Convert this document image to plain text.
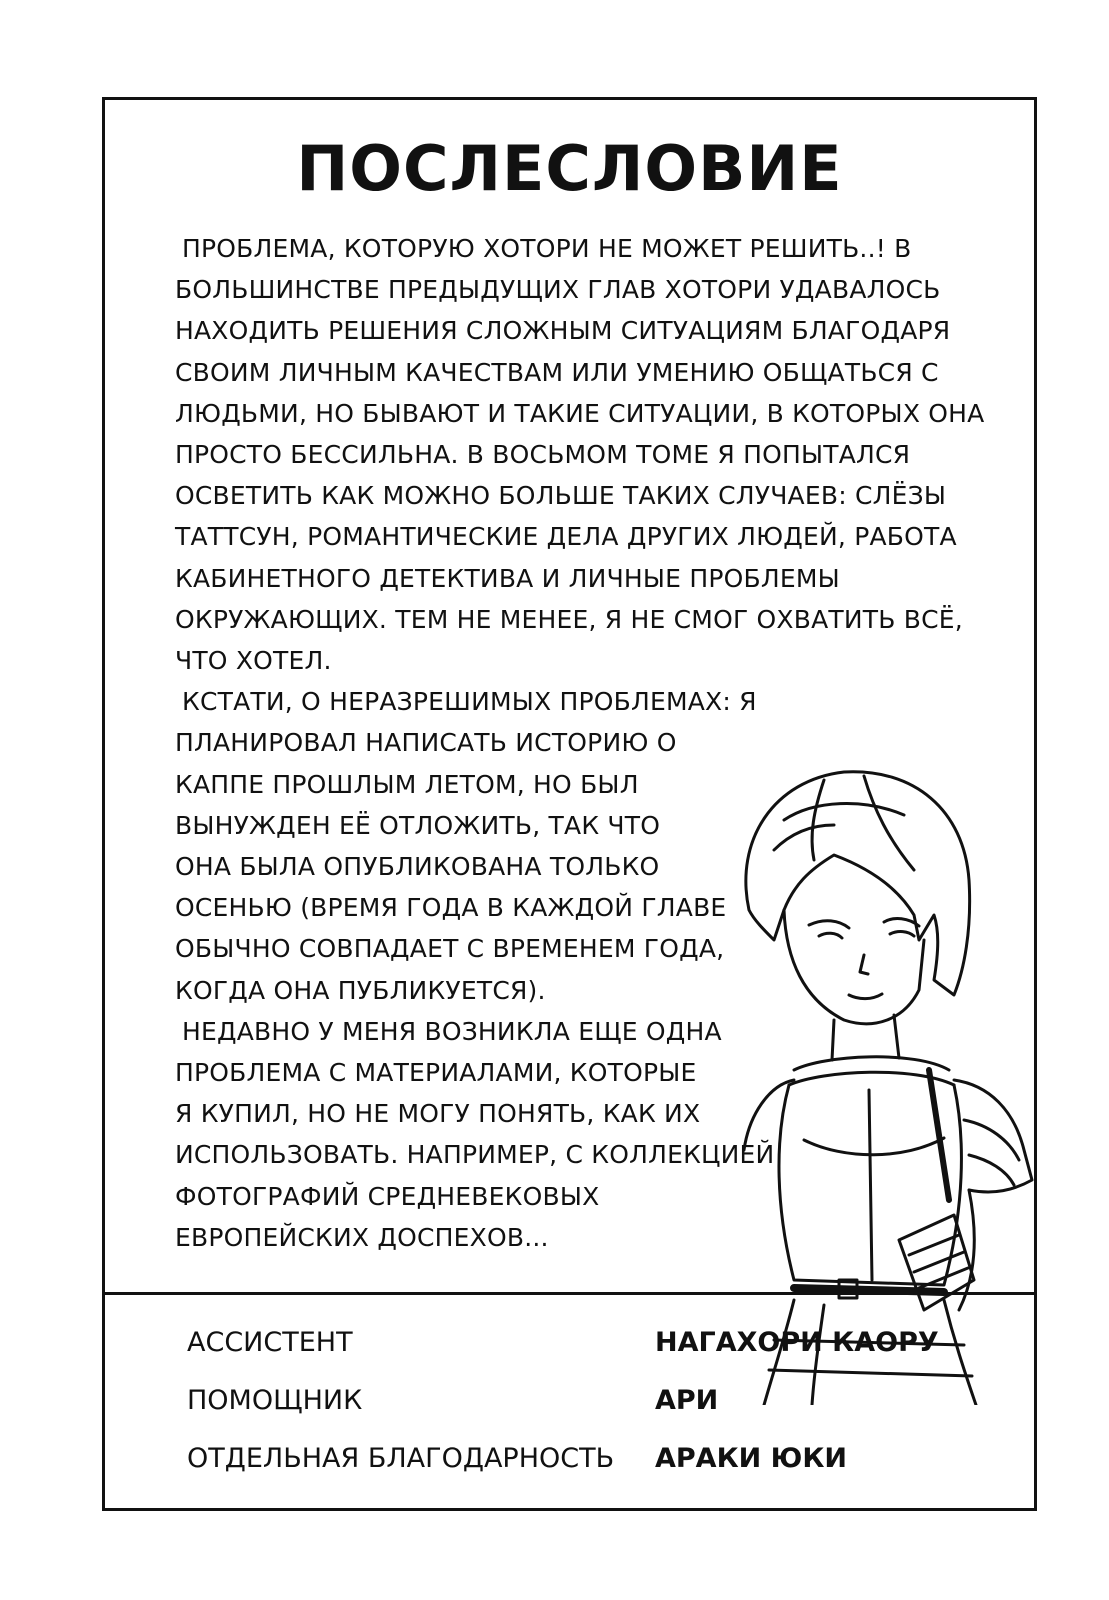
ПОСЛЕСЛОВИЕ
ПРОБЛЕМА, КОТОРУЮ ХОТОРИ НЕ МОЖЕТ РЕШИТЬ..! В
БОЛЬШИНСТВЕ ПРЕДЫДУЩИХ ГЛАВ ХОТОРИ УДАВАЛОСЬ
НАХОДИТЬ РЕШЕНИЯ СЛОЖНЫМ СИТУАЦИЯМ БЛАГОДАРЯ
СВОИМ ЛИЧНЫМ КАЧЕСТВАМ ИЛИ УМЕНИЮ ОБЩАТЬСЯ С
ЛЮДЬМИ, НО БЫВАЮТ И ТАКИЕ СИТУАЦИИ, В КОТОРЫХ ОНА
ПРОСТО БЕССИЛЬНА. В ВОСЬМОМ ТОМЕ Я ПОПЫТАЛСЯ
ОСВЕТИТЬ КАК МОЖНО БОЛЬШЕ ТАКИХ СЛУЧАЕВ: СЛЁЗЫ
ТАТТСУН, РОМАНТИЧЕСКИЕ ДЕЛА ДРУГИХ ЛЮДЕЙ, РАБОТА
КАБИНЕТНОГО ДЕТЕКТИВА И ЛИЧНЫЕ ПРОБЛЕМЫ
ОКРУЖАЮЩИХ. ТЕМ НЕ МЕНЕЕ, Я НЕ СМОГ ОХВАТИТЬ ВСЁ,
ЧТО ХОТЕЛ.
КСТАТИ, О НЕРАЗРЕШИМЫХ ПРОБЛЕМАХ: Я
ПЛАНИРОВАЛ НАПИСАТЬ ИСТОРИЮ О
КАППЕ ПРОШЛЫМ ЛЕТОМ, НО БЫЛ
ВЫНУЖДЕН ЕЁ ОТЛОЖИТЬ, ТАК ЧТО
ОНА БЫЛА ОПУБЛИКОВАНА ТОЛЬКО
ОСЕНЬЮ (ВРЕМЯ ГОДА В КАЖДОЙ ГЛАВЕ
ОБЫЧНО СОВПАДАЕТ С ВРЕМЕНЕМ ГОДА,
КОГДА ОНА ПУБЛИКУЕТСЯ).
НЕДАВНО У МЕНЯ ВОЗНИКЛА ЕЩЕ ОДНА
ПРОБЛЕМА С МАТЕРИАЛАМИ, КОТОРЫЕ
Я КУПИЛ, НО НЕ МОГУ ПОНЯТЬ, КАК ИХ
ИСПОЛЬЗОВАТЬ. НАПРИМЕР, С КОЛЛЕКЦИЕЙ
ФОТОГРАФИЙ СРЕДНЕВЕКОВЫХ
ЕВРОПЕЙСКИХ ДОСПЕХОВ...
АССИСТЕНТ	НАГАХОРИ КАОРУ
ПОМОЩНИК	АРИ
ОТДЕЛЬНАЯ БЛАГОДАРНОСТЬ АРАКИ ЮКИ
